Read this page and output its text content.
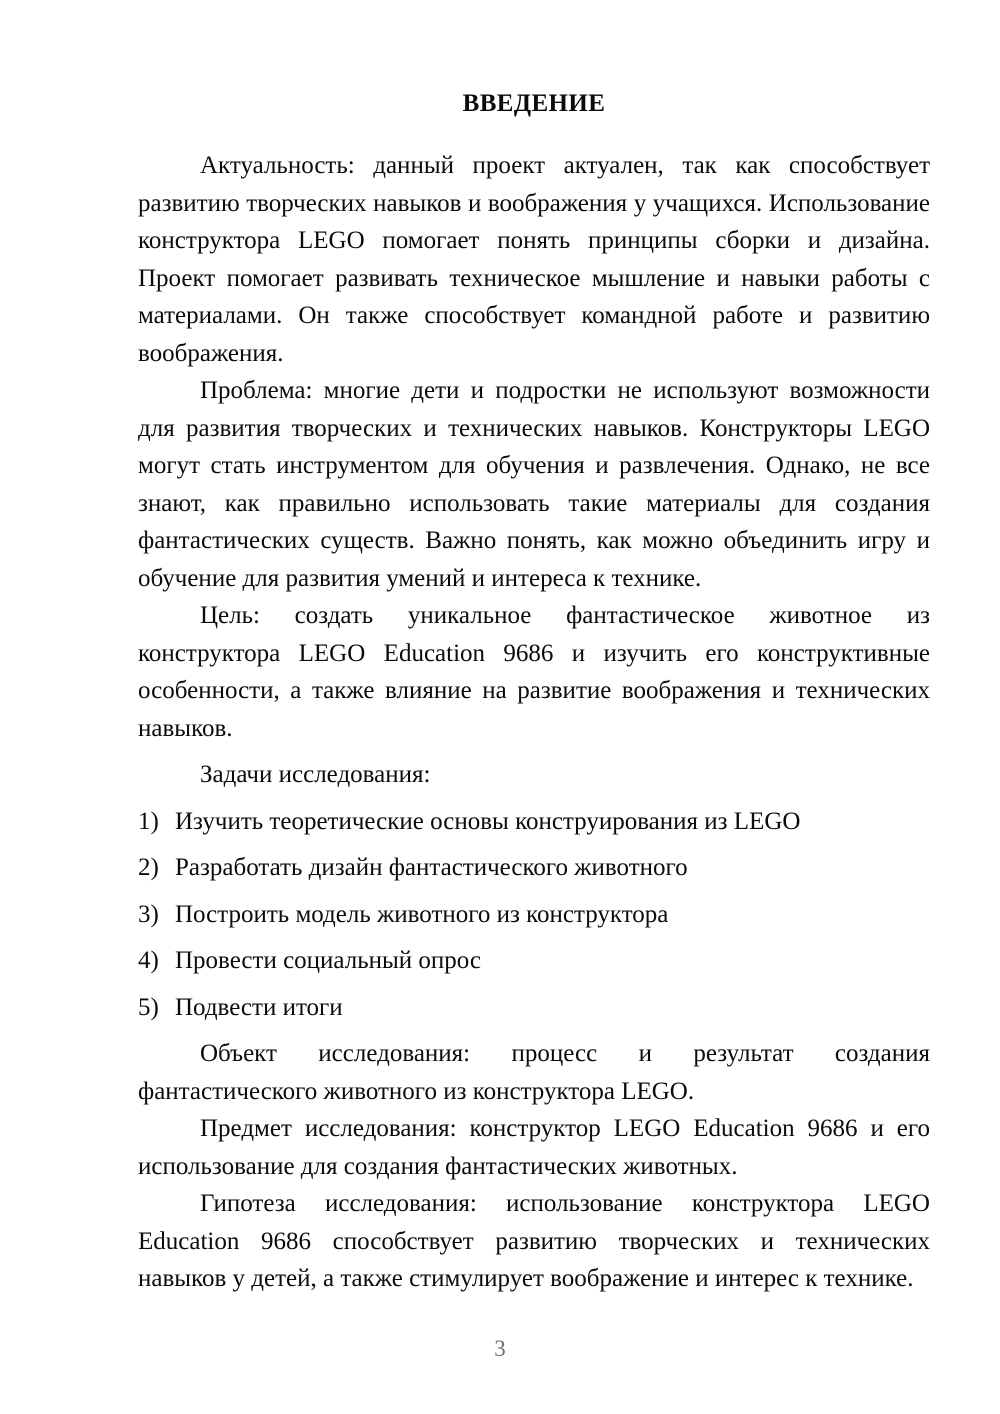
ВВЕДЕНИЕ

Актуальность: данный проект актуален, так как способствует развитию творческих навыков и воображения у учащихся. Использование конструктора LEGO помогает понять принципы сборки и дизайна. Проект помогает развивать техническое мышление и навыки работы с материалами. Он также способствует командной работе и развитию воображения.

Проблема: многие дети и подростки не используют возможности для развития творческих и технических навыков. Конструкторы LEGO могут стать инструментом для обучения и развлечения. Однако, не все знают, как правильно использовать такие материалы для создания фантастических существ. Важно понять, как можно объединить игру и обучение для развития умений и интереса к технике.

Цель: создать уникальное фантастическое животное из конструктора LEGO Education 9686 и изучить его конструктивные особенности, а также влияние на развитие воображения и технических навыков.

Задачи исследования:

1) Изучить теоретические основы конструирования из LEGO
2) Разработать дизайн фантастического животного
3) Построить модель животного из конструктора
4) Провести социальный опрос
5) Подвести итоги

Объект исследования: процесс и результат создания фантастического животного из конструктора LEGO.

Предмет исследования: конструктор LEGO Education 9686 и его использование для создания фантастических животных.

Гипотеза исследования: использование конструктора LEGO Education 9686 способствует развитию творческих и технических навыков у детей, а также стимулирует воображение и интерес к технике.

3
